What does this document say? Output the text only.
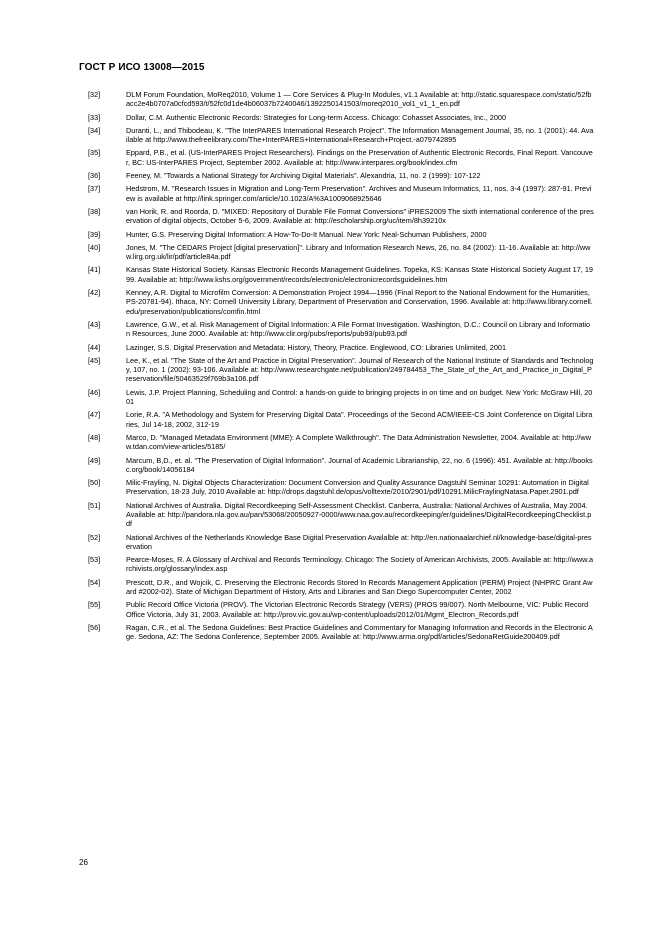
ГОСТ Р ИСО 13008—2015
[32]	DLM Forum Foundation, MoReq2010, Volume 1 — Core Services & Plug-In Modules, v1.1 Available at: http://static.squarespace.com/static/52fbacc2e4b0707a0cfcd593/t/52fc0d1de4b06037b7240046/1392250141503/moreq2010_vol1_v1_1_en.pdf
[33]	Dollar, C.M. Authentic Electronic Records: Strategies for Long-term Access. Chicago: Cohasset Associates, Inc., 2000
[34]	Duranti, L., and Thibodeau, K. "The InterPARES International Research Project". The Information Management Journal, 35, no. 1 (2001): 44. Available at http://www.thefreelibrary.com/The+InterPARES+International+Research+Project.-a079742895
[35]	Eppard, P.B., et al. (US-InterPARES Project Researchers). Findings on the Preservation of Authentic Electronic Records, Final Report. Vancouver, BC: US-InterPARES Project, September 2002. Available at: http://www.interpares.org/book/index.cfm
[36]	Feeney, M. "Towards a National Strategy for Archiving Digital Materials". Alexandria, 11, no. 2 (1999): 107-122
[37]	Hedstrom, M. "Research Issues in Migration and Long-Term Preservation". Archives and Museum Informatics, 11, nos. 3-4 (1997): 287-91. Preview is available at http://link.springer.com/article/10.1023/A%3A1009068925646
[38]	van Horik, R. and Roorda, D. "MIXED: Repository of Durable File Format Conversions" iPRES2009 The sixth international conference of the preservation of digital objects, October 5-6, 2009. Available at: http://escholarship.org/uc/item/8h39210x
[39]	Hunter, G.S. Preserving Digital Information: A How-To-Do-It Manual. New York: Neal-Schuman Publishers, 2000
[40]	Jones, M. "The CEDARS Project [digital preservation]". Library and Information Research News, 26, no. 84 (2002): 11-16. Available at: http://www.lirg.org.uk/lir/pdf/article84a.pdf
[41]	Kansas State Historical Society. Kansas Electronic Records Management Guidelines. Topeka, KS: Kansas State Historical Society August 17, 1999. Available at: http://www.kshs.org/government/records/electronic/electronicrecordsguidelines.htm
[42]	Kenney, A.R. Digital to Microfilm Conversion: A Demonstration Project 1994—1996 (Final Report to the National Endowment for the Humanities, PS-20781-94). Ithaca, NY: Cornell University Library, Department of Preservation and Conservation, 1996. Available at: http://www.library.cornell.edu/preservation/publications/comfin.html
[43]	Lawrence, G.W., et al. Risk Management of Digital Information: A File Format Investigation. Washington, D.C.: Council on Library and Information Resources, June 2000. Available at: http://www.clir.org/pubs/reports/pub93/pub93.pdf
[44]	Lazinger, S.S. Digital Preservation and Metadata: History, Theory, Practice. Englewood, CO: Libraries Unlimited, 2001
[45]	Lee, K., et al. "The State of the Art and Practice in Digital Preservation". Journal of Research of the National Institute of Standards and Technology, 107, no. 1 (2002): 93-106. Available at: http://www.researchgate.net/publication/249784453_The_State_of_the_Art_and_Practice_in_Digital_Preservation/file/50463529f769b3a106.pdf
[46]	Lewis, J.P. Project Planning, Scheduling and Control: a hands-on guide to bringing projects in on time and on budget. New York: McGraw Hill, 2001
[47]	Lorie, R.A. "A Methodology and System for Preserving Digital Data". Proceedings of the Second ACM/IEEE-CS Joint Conference on Digital Libraries, Jul 14-18, 2002, 312-19
[48]	Marco, D. "Managed Metadata Environment (MME): A Complete Walkthrough". The Data Administration Newsletter, 2004. Available at: http://www.tdan.com/view-articles/5185/
[49]	Marcum, B,D., et. al. "The Preservation of Digital Information". Journal of Academic Librarianship, 22, no. 6 (1996): 451. Available at: http://booksc.org/book/14056184
[50]	Milic-Frayling, N. Digital Objects Characterization: Document Conversion and Quality Assurance Dagstuhl Seminar 10291: Automation in Digital Preservation, 18-23 July, 2010 Available at: http://drops.dagstuhl.de/opus/volltexte/2010/2901/pdf/10291.MilicFraylingNatasa.Paper.2901.pdf
[51]	National Archives of Australia. Digital Recordkeeping Self-Assessment Checklist. Canberra, Australia: National Archives of Australia, May 2004. Available at: http://pandora.nla.gov.au/pan/53068/20050927-0000/www.naa.gov.au/recordkeeping/er/guidelines/DigitalRecordkeepingChecklist.pdf
[52]	National Archives of the Netherlands Knowledge Base Digital Preservation Availalble at: http://en.nationaalarchief.nl/knowledge-base/digital-preservation
[53]	Pearce-Moses, R. A Glossary of Archival and Records Terminology. Chicago: The Society of American Archivists, 2005. Available at: http://www.archivists.org/glossary/index.asp
[54]	Prescott, D.R., and Wojcik, C. Preserving the Electronic Records Stored In Records Management Application (PERM) Project (NHPRC Grant Award #2002-02). State of Michigan Department of History, Arts and Libraries and San Diego Supercomputer Center, 2002
[55]	Public Record Office Victoria (PROV). The Victorian Electronic Records Strategy (VERS) (PROS 99/007). North Melbourne, VIC: Public Record Office Victoria, July 31, 2003. Available at: http://prov.vic.gov.au/wp-content/uploads/2012/01/Mgmt_Electron_Records.pdf
[56]	Ragan, C.R., et al. The Sedona Guidelines: Best Practice Guidelines and Commentary for Managing Information and Records in the Electronic Age. Sedona, AZ: The Sedona Conference, September 2005. Available at: http://www.arma.org/pdf/articles/SedonaRetGuide200409.pdf
26
